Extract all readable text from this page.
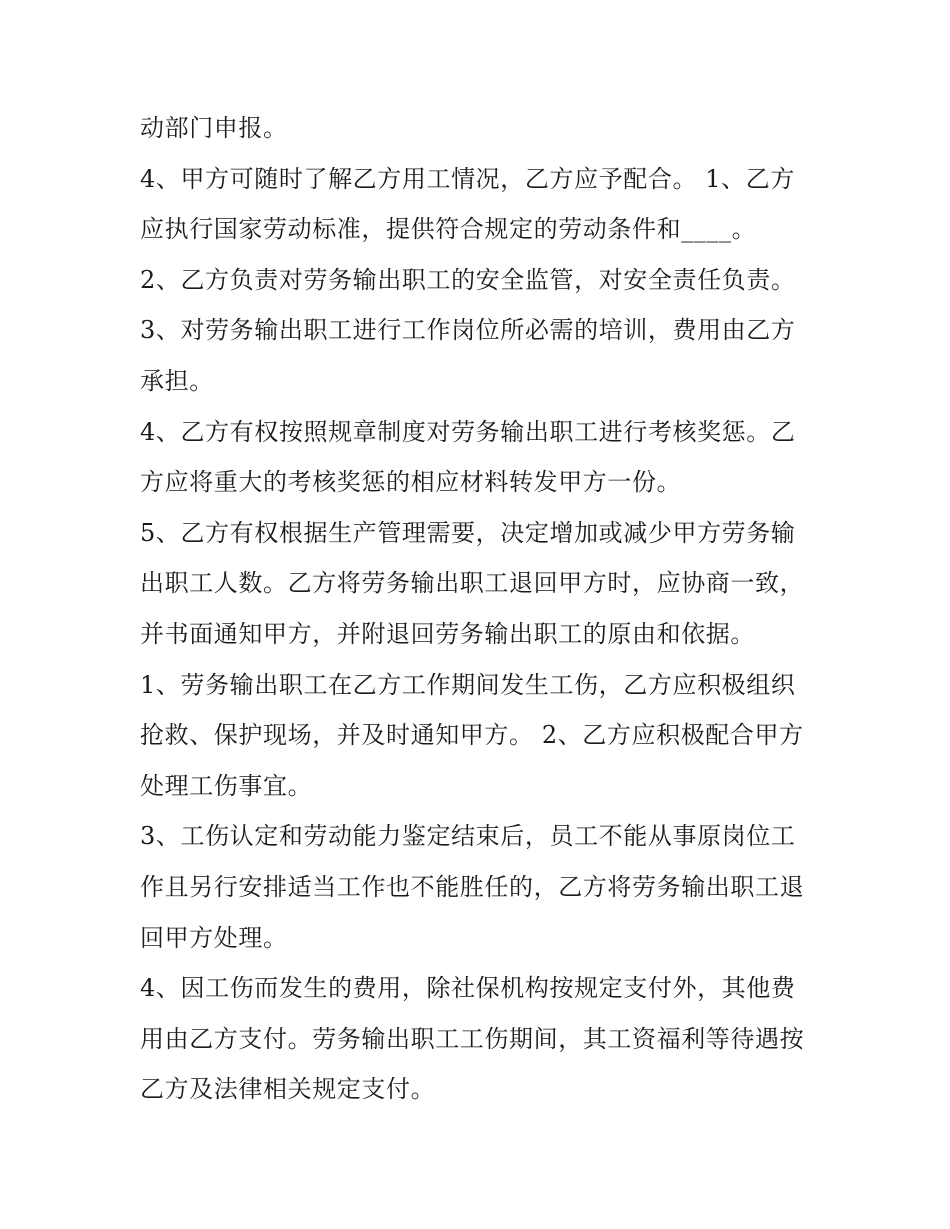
动部门申报。
4、甲方可随时了解乙方用工情况，乙方应予配合。 1、乙方
应执行国家劳动标准，提供符合规定的劳动条件和____。
2、乙方负责对劳务输出职工的安全监管，对安全责任负责。
3、对劳务输出职工进行工作岗位所必需的培训，费用由乙方
承担。
4、乙方有权按照规章制度对劳务输出职工进行考核奖惩。乙
方应将重大的考核奖惩的相应材料转发甲方一份。
5、乙方有权根据生产管理需要，决定增加或减少甲方劳务输
出职工人数。乙方将劳务输出职工退回甲方时，应协商一致，
并书面通知甲方，并附退回劳务输出职工的原由和依据。
1、劳务输出职工在乙方工作期间发生工伤，乙方应积极组织
抢救、保护现场，并及时通知甲方。 2、乙方应积极配合甲方
处理工伤事宜。
3、工伤认定和劳动能力鉴定结束后，员工不能从事原岗位工
作且另行安排适当工作也不能胜任的，乙方将劳务输出职工退
回甲方处理。
4、因工伤而发生的费用，除社保机构按规定支付外，其他费
用由乙方支付。劳务输出职工工伤期间，其工资福利等待遇按
乙方及法律相关规定支付。
